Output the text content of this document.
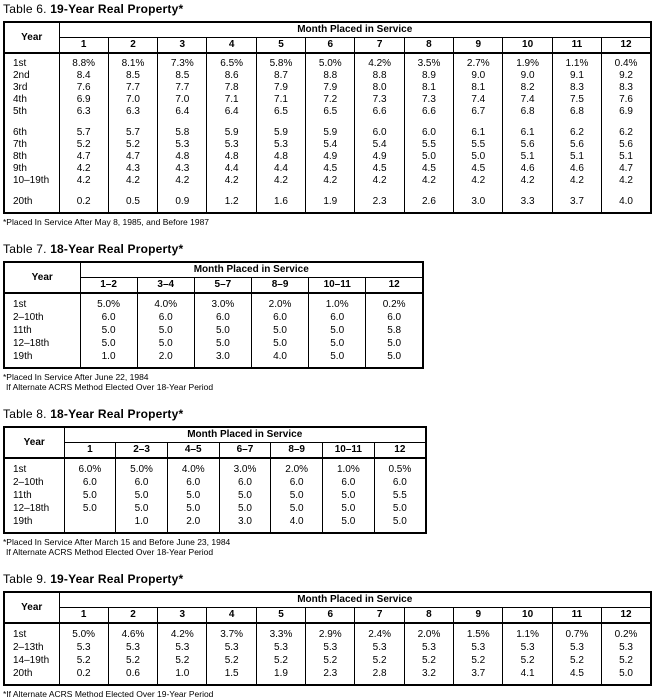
Table 6. 19-Year Real Property*

Year	Month Placed in Service											
	1	2	3	4	5	6	7	8	9	10	11	12
1st	8.8%	8.1%	7.3%	6.5%	5.8%	5.0%	4.2%	3.5%	2.7%	1.9%	1.1%	0.4%
2nd	8.4	8.5	8.5	8.6	8.7	8.8	8.8	8.9	9.0	9.0	9.1	9.2
3rd	7.6	7.7	7.7	7.8	7.9	7.9	8.0	8.1	8.1	8.2	8.3	8.3
4th	6.9	7.0	7.0	7.1	7.1	7.2	7.3	7.3	7.4	7.4	7.5	7.6
5th	6.3	6.3	6.4	6.4	6.5	6.5	6.6	6.6	6.7	6.8	6.8	6.9

6th	5.7	5.7	5.8	5.9	5.9	5.9	6.0	6.0	6.1	6.1	6.2	6.2
7th	5.2	5.2	5.3	5.3	5.3	5.4	5.4	5.5	5.5	5.6	5.6	5.6
8th	4.7	4.7	4.8	4.8	4.8	4.9	4.9	5.0	5.0	5.1	5.1	5.1
9th	4.2	4.3	4.3	4.4	4.4	4.5	4.5	4.5	4.5	4.6	4.6	4.7
10–19th	4.2	4.2	4.2	4.2	4.2	4.2	4.2	4.2	4.2	4.2	4.2	4.2

20th	0.2	0.5	0.9	1.2	1.6	1.9	2.3	2.6	3.0	3.3	3.7	4.0
*Placed In Service After May 8, 1985, and Before 1987

Table 7. 18-Year Real Property*

Year	Month Placed in Service					
	1–2	3–4	5–7	8–9	10–11	12
1st	5.0%	4.0%	3.0%	2.0%	1.0%	0.2%
2–10th	6.0	6.0	6.0	6.0	6.0	6.0
11th	5.0	5.0	5.0	5.0	5.0	5.8
12–18th	5.0	5.0	5.0	5.0	5.0	5.0
19th	1.0	2.0	3.0	4.0	5.0	5.0
*Placed In Service After June 22, 1984
If Alternate ACRS Method Elected Over 18-Year Period

Table 8. 18-Year Real Property*

Year	Month Placed in Service						
	1	2–3	4–5	6–7	8–9	10–11	12
1st	6.0%	5.0%	4.0%	3.0%	2.0%	1.0%	0.5%
2–10th	6.0	6.0	6.0	6.0	6.0	6.0	6.0
11th	5.0	5.0	5.0	5.0	5.0	5.0	5.5
12–18th	5.0	5.0	5.0	5.0	5.0	5.0	5.0
19th		1.0	2.0	3.0	4.0	5.0	5.0
*Placed In Service After March 15 and Before June 23, 1984
If Alternate ACRS Method Elected Over 18-Year Period

Table 9. 19-Year Real Property*

Year	Month Placed in Service											
	1	2	3	4	5	6	7	8	9	10	11	12
1st	5.0%	4.6%	4.2%	3.7%	3.3%	2.9%	2.4%	2.0%	1.5%	1.1%	0.7%	0.2%
2–13th	5.3	5.3	5.3	5.3	5.3	5.3	5.3	5.3	5.3	5.3	5.3	5.3
14–19th	5.2	5.2	5.2	5.2	5.2	5.2	5.2	5.2	5.2	5.2	5.2	5.2
20th	0.2	0.6	1.0	1.5	1.9	2.3	2.8	3.2	3.7	4.1	4.5	5.0
*If Alternate ACRS Method Elected Over 19-Year Period
